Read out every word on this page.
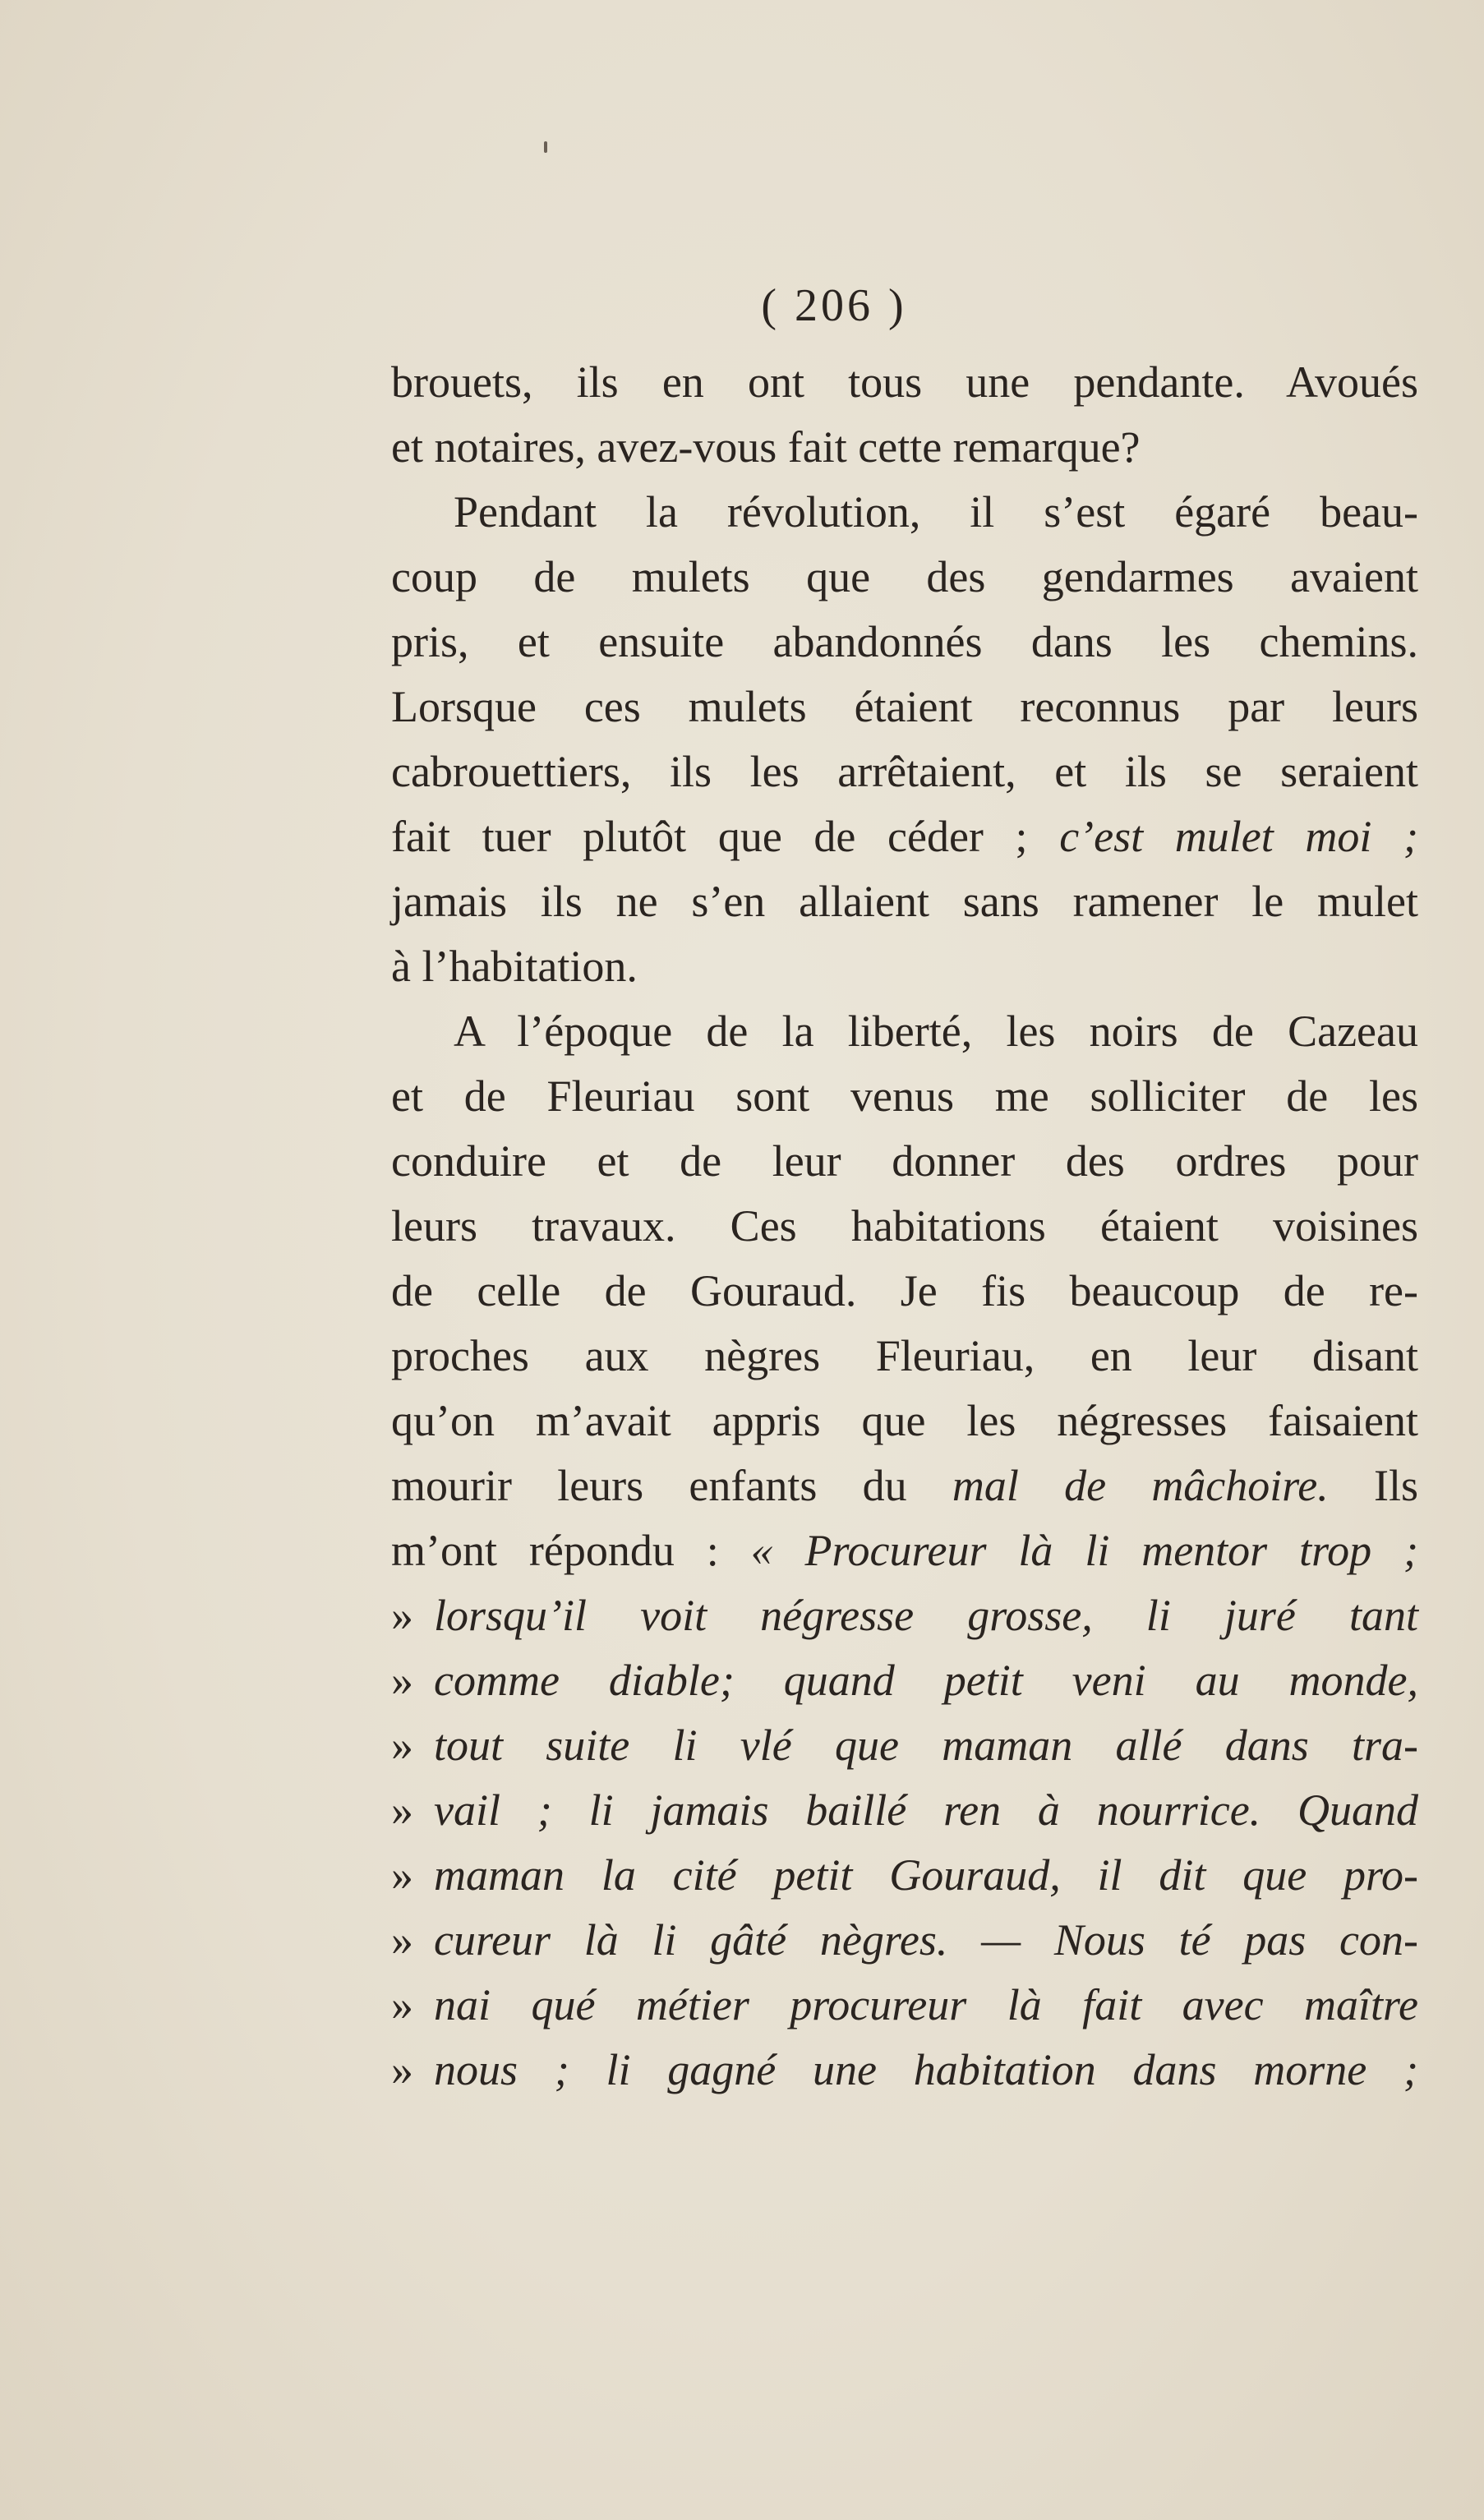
( 206 )
brouets, ils en ont tous une pendante. Avoués
et notaires, avez-vous fait cette remarque?
Pendant la révolution, il s’est égaré beau-
coup de mulets que des gendarmes avaient
pris, et ensuite abandonnés dans les chemins.
Lorsque ces mulets étaient reconnus par leurs
cabrouettiers, ils les arrêtaient, et ils se seraient
fait tuer plutôt que de céder ; c’est mulet moi ;
jamais ils ne s’en allaient sans ramener le mulet
à l’habitation.
A l’époque de la liberté, les noirs de Cazeau
et de Fleuriau sont venus me solliciter de les
conduire et de leur donner des ordres pour
leurs travaux. Ces habitations étaient voisines
de celle de Gouraud. Je fis beaucoup de re-
proches aux nègres Fleuriau, en leur disant
qu’on m’avait appris que les négresses faisaient
mourir leurs enfants du mal de mâchoire. Ils
m’ont répondu : « Procureur là li mentor trop ;
» lorsqu’il voit négresse grosse, li juré tant
» comme diable; quand petit veni au monde,
» tout suite li vlé que maman allé dans tra-
» vail ; li jamais baillé ren à nourrice. Quand
» maman la cité petit Gouraud, il dit que pro-
» cureur là li gâté nègres. — Nous té pas con-
» nai qué métier procureur là fait avec maître
» nous ; li gagné une habitation dans morne ;
